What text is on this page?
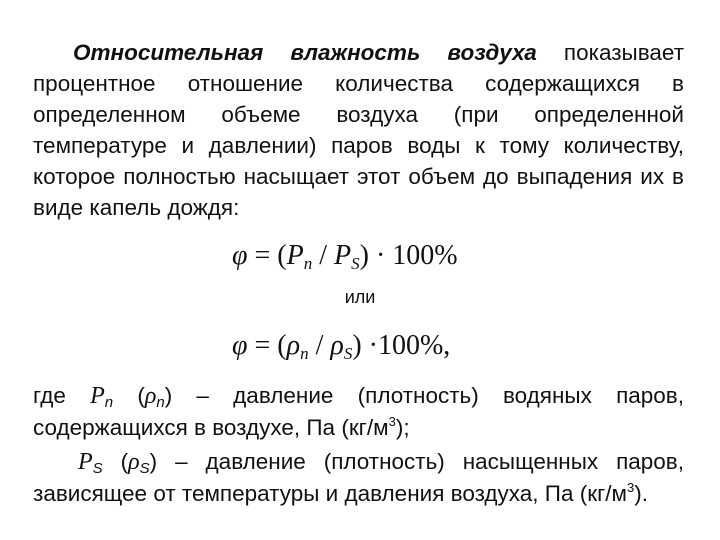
Относительная влажность воздуха показывает процентное отношение количества содержащихся в определенном объеме воздуха (при определенной температуре и давлении) паров воды к тому количеству, которое полностью насыщает этот объем до выпадения их в виде капель дождя:

$\varphi = (P_n / P_S) \cdot 100\%$
или
$\varphi = (\rho_n / \rho_S) \cdot 100\%$,

где $P_n$ $(\rho_n)$ – давление (плотность) водяных паров, содержащихся в воздухе, Па $(кг/м^3)$;

$P_S$ $(\rho_S)$ – давление (плотность) насыщенных паров, зависящее от температуры и давления воздуха, Па $(кг/м^3)$.
